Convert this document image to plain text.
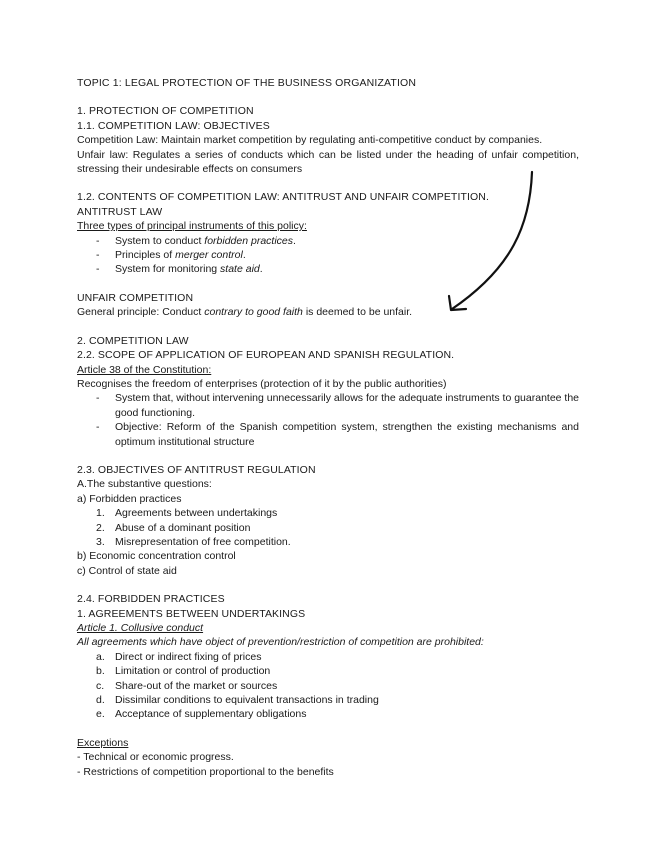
TOPIC 1: LEGAL PROTECTION OF THE BUSINESS ORGANIZATION

1. PROTECTION OF COMPETITION

1.1. COMPETITION LAW: OBJECTIVES

Competition Law: Maintain market competition by regulating anti-competitive conduct by companies.

Unfair law: Regulates a series of conducts which can be listed under the heading of unfair competition, stressing their undesirable effects on consumers

1.2. CONTENTS OF COMPETITION LAW: ANTITRUST AND UNFAIR COMPETITION.

ANTITRUST LAW

Three types of principal instruments of this policy:

- System to conduct forbidden practices.
- Principles of merger control.
- System for monitoring state aid.

UNFAIR COMPETITION

General principle: Conduct contrary to good faith is deemed to be unfair.

2. COMPETITION LAW

2.2. SCOPE OF APPLICATION OF EUROPEAN AND SPANISH REGULATION.

Article 38 of the Constitution:

Recognises the freedom of enterprises (protection of it by the public authorities)

- System that, without intervening unnecessarily allows for the adequate instruments to guarantee the good functioning.
- Objective: Reform of the Spanish competition system, strengthen the existing mechanisms and optimum institutional structure

2.3. OBJECTIVES OF ANTITRUST REGULATION

A.The substantive questions:

a) Forbidden practices

1. Agreements between undertakings
2. Abuse of a dominant position
3. Misrepresentation of free competition.

b) Economic concentration control

c) Control of state aid

2.4. FORBIDDEN PRACTICES

1. AGREEMENTS BETWEEN UNDERTAKINGS

Article 1. Collusive conduct

All agreements which have object of prevention/restriction of competition are prohibited:

a. Direct or indirect fixing of prices
b. Limitation or control of production
c. Share-out of the market or sources
d. Dissimilar conditions to equivalent transactions in trading
e. Acceptance of supplementary obligations

Exceptions

- Technical or economic progress.

- Restrictions of competition proportional to the benefits
